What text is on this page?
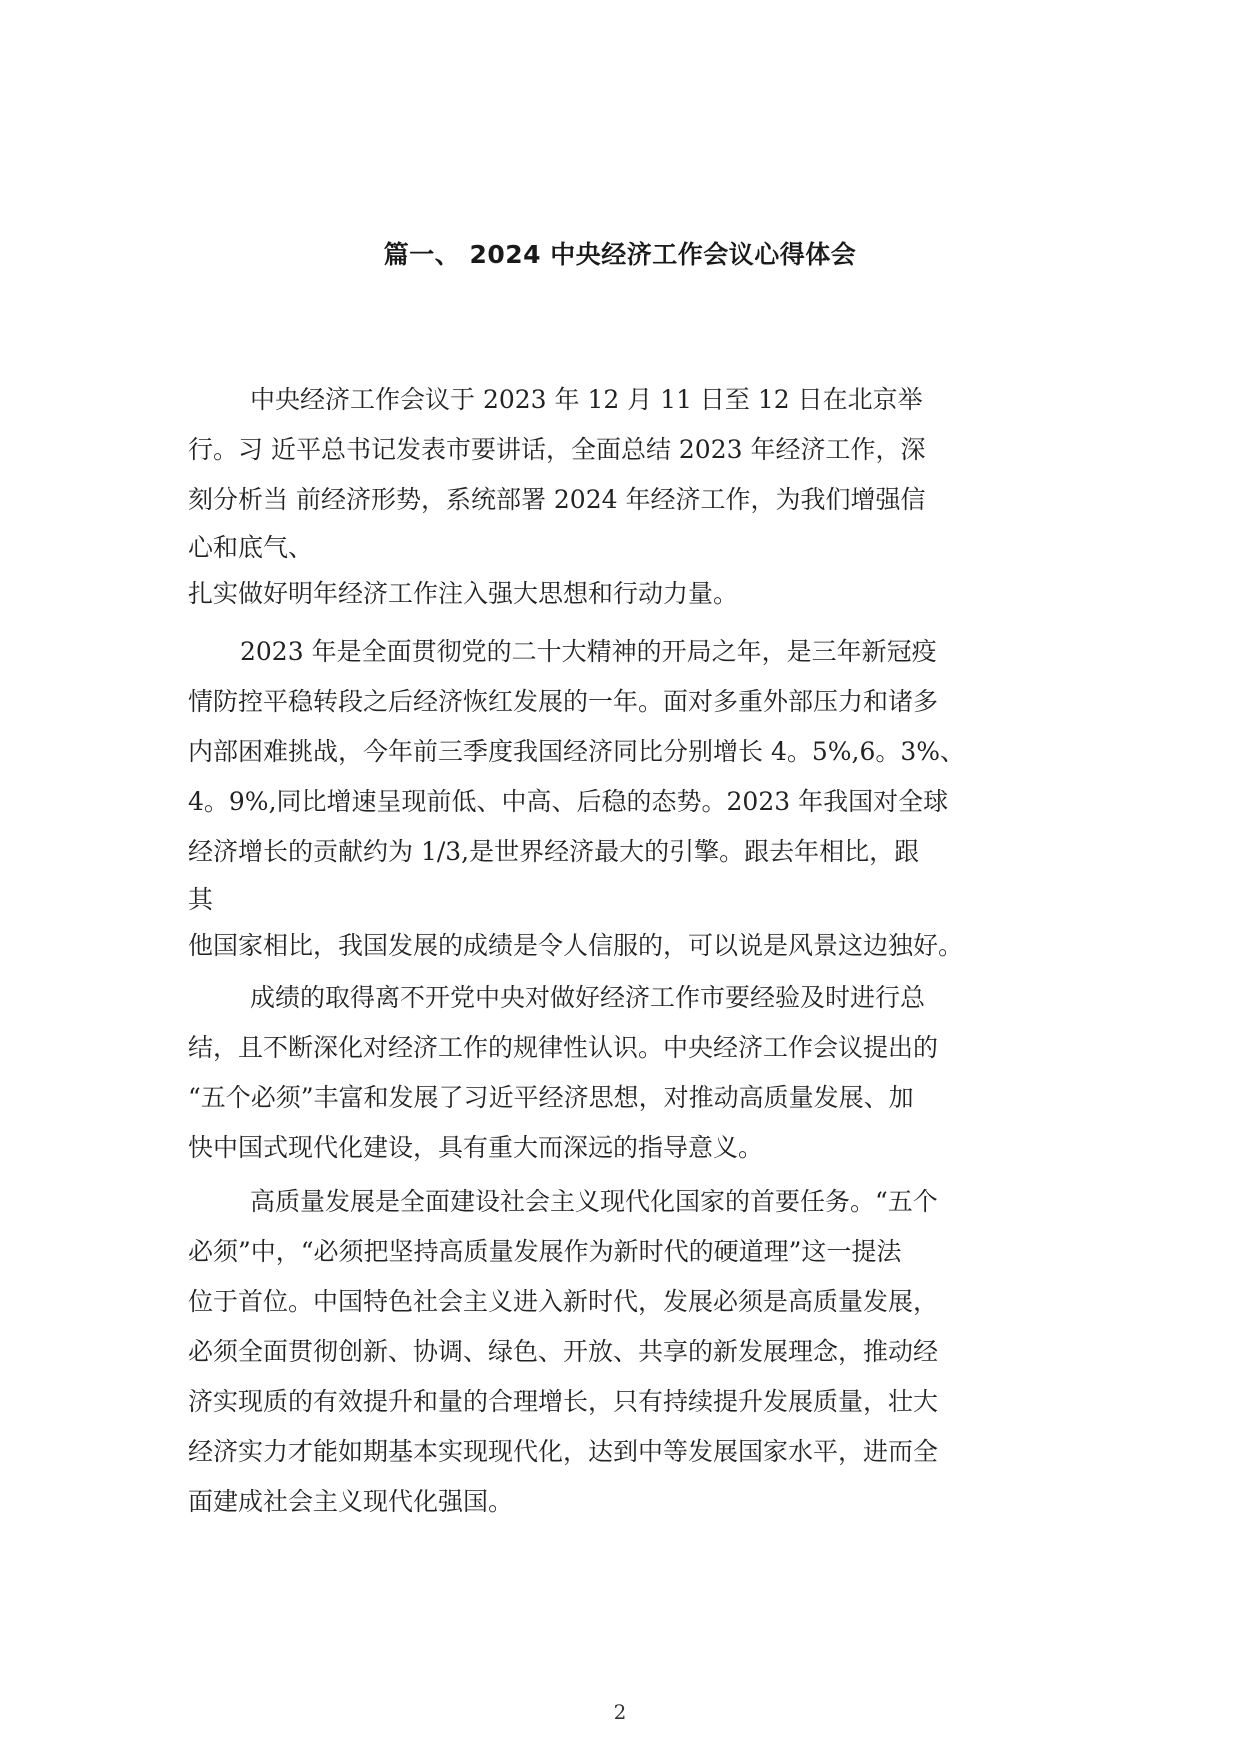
篇一、 2024 中央经济工作会议心得体会
中央经济工作会议于 2023 年 12 月 11 日至 12 日在北京举
行。习 近平总书记发表市要讲话，全面总结 2023 年经济工作，深
刻分析当 前经济形势，系统部署 2024 年经济工作，为我们增强信
心和底气、
扎实做好明年经济工作注入强大思想和行动力量。
2023 年是全面贯彻党的二十大精神的开局之年，是三年新冠疫
情防控平稳转段之后经济恢红发展的一年。面对多重外部压力和诸多
内部困难挑战，今年前三季度我国经济同比分别增长 4。5%,6。3%、
4。9%,同比增速呈现前低、中高、后稳的态势。2023 年我国对全球
经济增长的贡献约为 1/3,是世界经济最大的引擎。跟去年相比，跟
其
他国家相比，我国发展的成绩是令人信服的，可以说是风景这边独好。
成绩的取得离不开党中央对做好经济工作市要经验及时进行总
结，且不断深化对经济工作的规律性认识。中央经济工作会议提出的
“五个必须”丰富和发展了习近平经济思想，对推动高质量发展、加
快中国式现代化建设，具有重大而深远的指导意义。
高质量发展是全面建设社会主义现代化国家的首要任务。“五个
必须”中，“必须把坚持高质量发展作为新时代的硬道理”这一提法
位于首位。中国特色社会主义进入新时代，发展必须是高质量发展，
必须全面贯彻创新、协调、绿色、开放、共享的新发展理念，推动经
济实现质的有效提升和量的合理增长，只有持续提升发展质量，壮大
经济实力才能如期基本实现现代化，达到中等发展国家水平，进而全
面建成社会主义现代化强国。
2
